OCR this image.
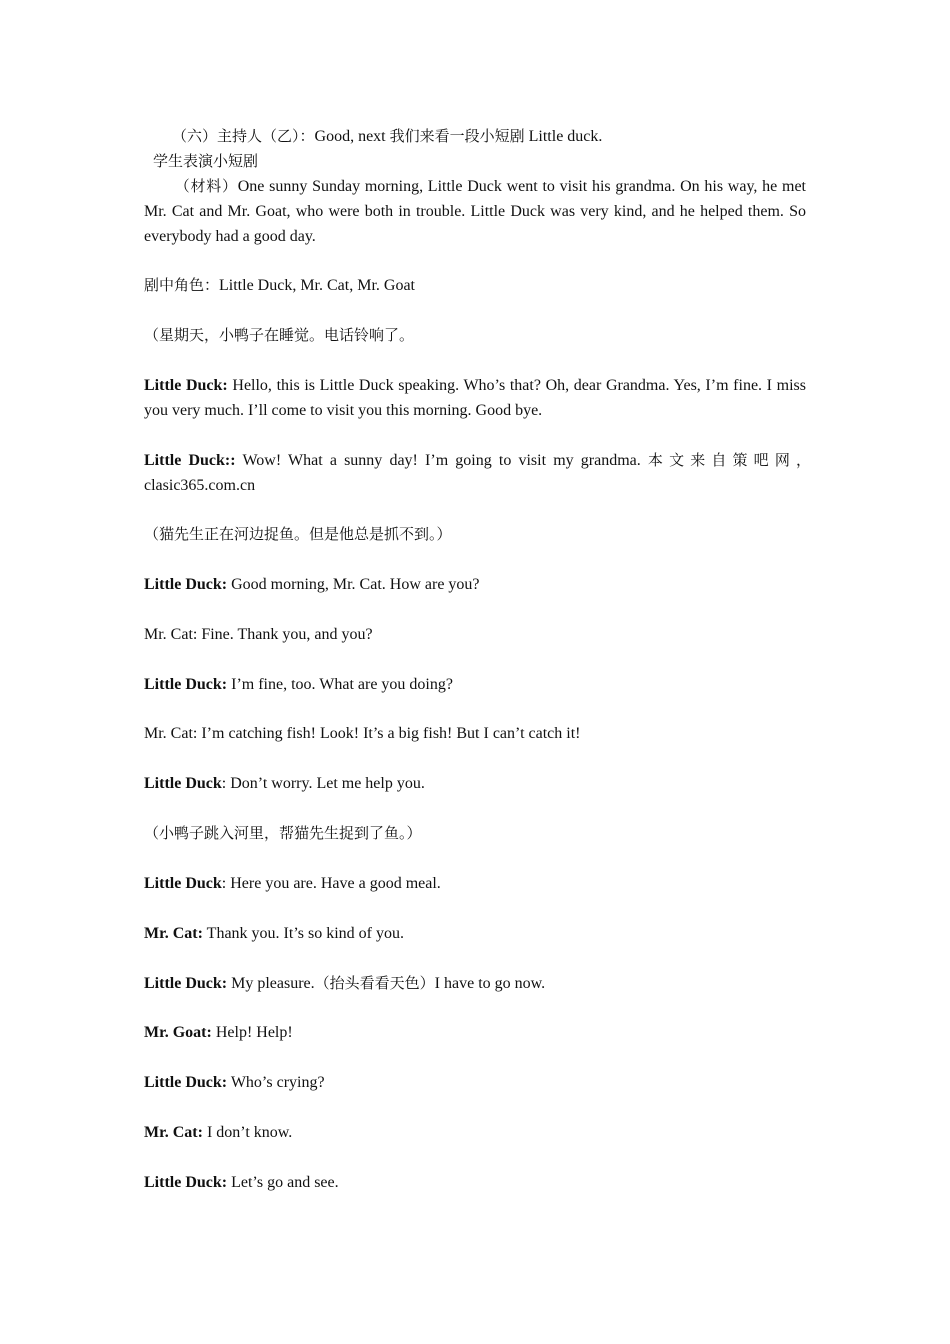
（六）主持人（乙）：Good, next 我们来看一段小短剧 Little duck.

学生表演小短剧

（材料）One sunny Sunday morning, Little Duck went to visit his grandma. On his way, he met Mr. Cat and Mr. Goat, who were both in trouble. Little Duck was very kind, and he helped them. So everybody had a good day.

剧中角色：Little Duck, Mr. Cat, Mr. Goat

（星期天，小鸭子在睡觉。电话铃响了。

Little Duck: Hello, this is Little Duck speaking. Who’s that? Oh, dear Grandma. Yes, I’m fine. I miss you very much. I’ll come to visit you this morning. Good bye.

Little Duck:: Wow! What a sunny day! I’m going to visit my grandma. 本文来自策吧网，clasic365.com.cn

（猫先生正在河边捉鱼。但是他总是抓不到。）

Little Duck: Good morning, Mr. Cat. How are you?

Mr. Cat: Fine. Thank you, and you?

Little Duck: I’m fine, too. What are you doing?

Mr. Cat: I’m catching fish! Look! It’s a big fish! But I can’t catch it!

Little Duck: Don’t worry. Let me help you.

（小鸭子跳入河里，帮猫先生捉到了鱼。）

Little Duck: Here you are. Have a good meal.

Mr. Cat: Thank you. It’s so kind of you.

Little Duck: My pleasure.（抬头看看天色）I have to go now.

Mr. Goat: Help! Help!

Little Duck: Who’s crying?

Mr. Cat: I don’t know.

Little Duck: Let’s go and see.
